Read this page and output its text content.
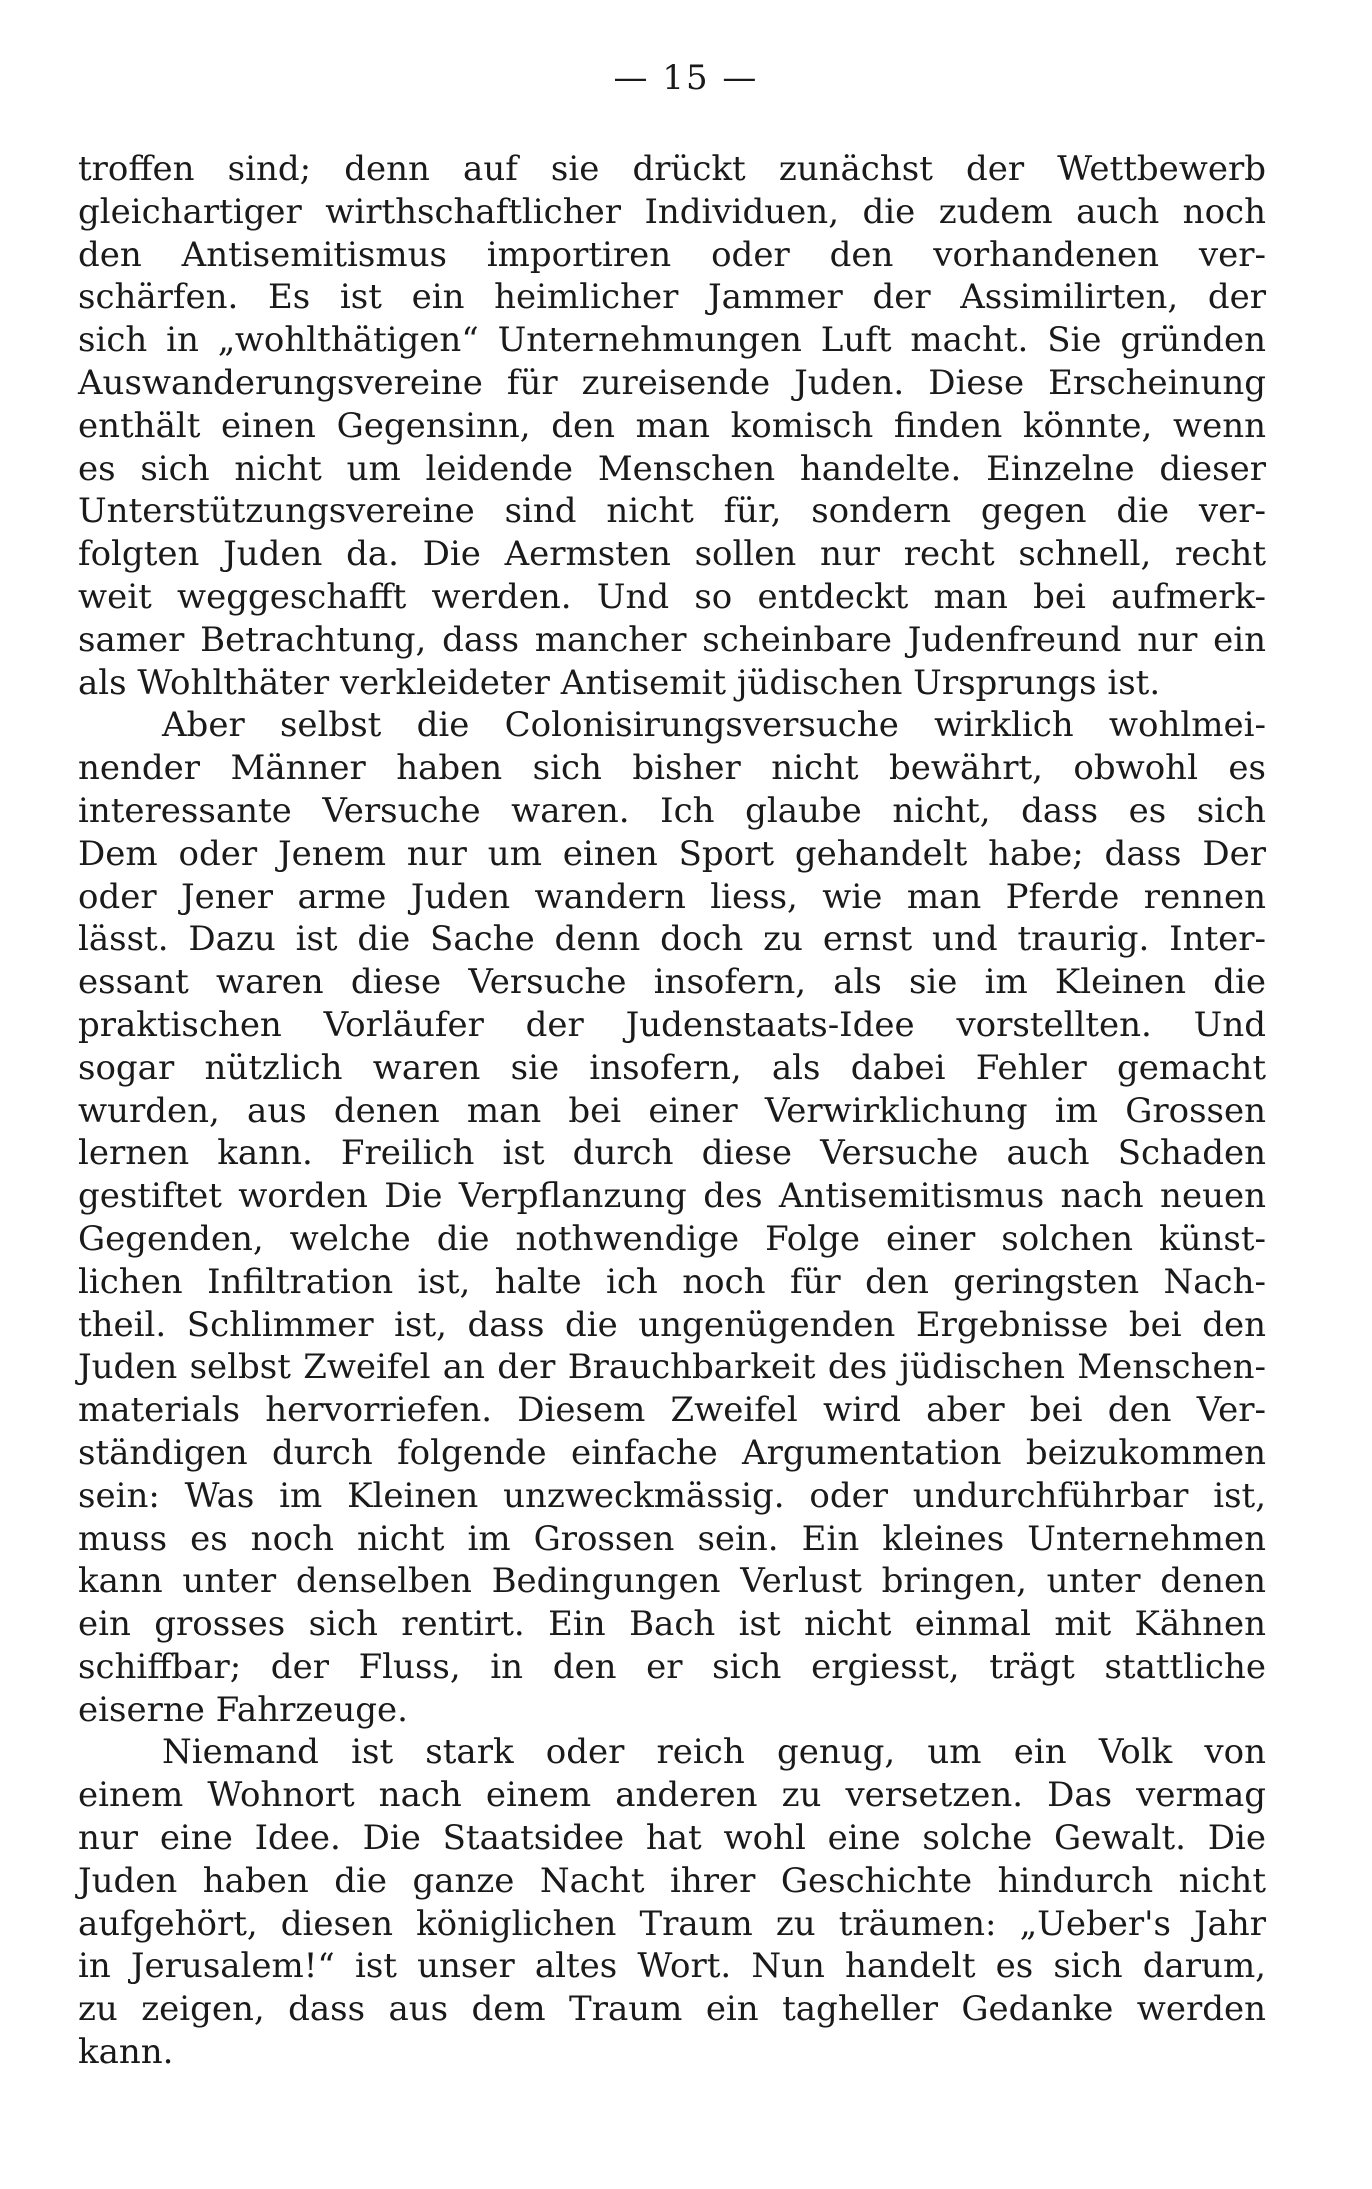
— 15 —
troffen sind; denn auf sie drückt zunächst der Wettbewerb
gleichartiger wirthschaftlicher Individuen, die zudem auch noch
den Antisemitismus importiren oder den vorhandenen ver-
schärfen. Es ist ein heimlicher Jammer der Assimilirten, der
sich in „wohlthätigen“ Unternehmungen Luft macht. Sie gründen
Auswanderungsvereine für zureisende Juden. Diese Erscheinung
enthält einen Gegensinn, den man komisch finden könnte, wenn
es sich nicht um leidende Menschen handelte. Einzelne dieser
Unterstützungsvereine sind nicht für, sondern gegen die ver-
folgten Juden da. Die Aermsten sollen nur recht schnell, recht
weit weggeschafft werden. Und so entdeckt man bei aufmerk-
samer Betrachtung, dass mancher scheinbare Judenfreund nur ein
als Wohlthäter verkleideter Antisemit jüdischen Ursprungs ist.
Aber selbst die Colonisirungsversuche wirklich wohlmei-
nender Männer haben sich bisher nicht bewährt, obwohl es
interessante Versuche waren. Ich glaube nicht, dass es sich
Dem oder Jenem nur um einen Sport gehandelt habe; dass Der
oder Jener arme Juden wandern liess, wie man Pferde rennen
lässt. Dazu ist die Sache denn doch zu ernst und traurig. Inter-
essant waren diese Versuche insofern, als sie im Kleinen die
praktischen Vorläufer der Judenstaats-Idee vorstellten. Und
sogar nützlich waren sie insofern, als dabei Fehler gemacht
wurden, aus denen man bei einer Verwirklichung im Grossen
lernen kann. Freilich ist durch diese Versuche auch Schaden
gestiftet worden Die Verpflanzung des Antisemitismus nach neuen
Gegenden, welche die nothwendige Folge einer solchen künst-
lichen Infiltration ist, halte ich noch für den geringsten Nach-
theil. Schlimmer ist, dass die ungenügenden Ergebnisse bei den
Juden selbst Zweifel an der Brauchbarkeit des jüdischen Menschen-
materials hervorriefen. Diesem Zweifel wird aber bei den Ver-
ständigen durch folgende einfache Argumentation beizukommen
sein: Was im Kleinen unzweckmässig. oder undurchführbar ist,
muss es noch nicht im Grossen sein. Ein kleines Unternehmen
kann unter denselben Bedingungen Verlust bringen, unter denen
ein grosses sich rentirt. Ein Bach ist nicht einmal mit Kähnen
schiffbar; der Fluss, in den er sich ergiesst, trägt stattliche
eiserne Fahrzeuge.
Niemand ist stark oder reich genug, um ein Volk von
einem Wohnort nach einem anderen zu versetzen. Das vermag
nur eine Idee. Die Staatsidee hat wohl eine solche Gewalt. Die
Juden haben die ganze Nacht ihrer Geschichte hindurch nicht
aufgehört, diesen königlichen Traum zu träumen: „Ueber's Jahr
in Jerusalem!“ ist unser altes Wort. Nun handelt es sich darum,
zu zeigen, dass aus dem Traum ein tagheller Gedanke werden
kann.
